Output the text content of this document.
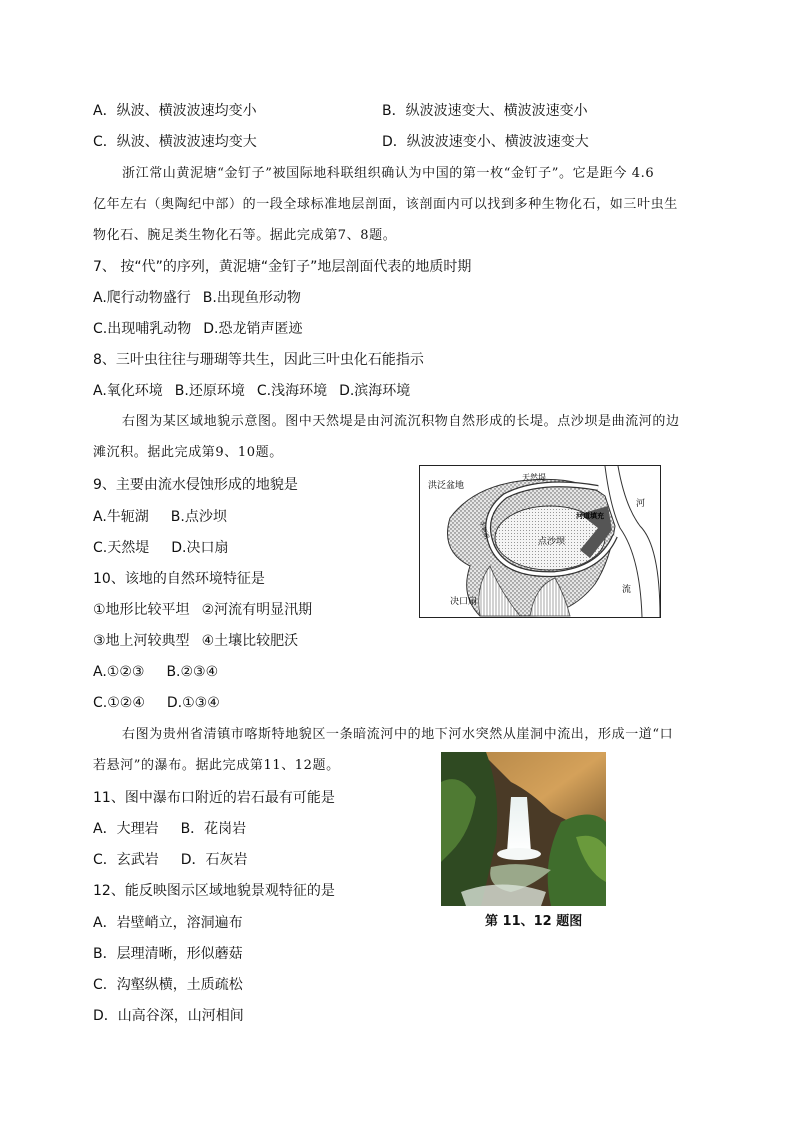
A．纵波、横波波速均变小	B．纵波波速变大、横波波速变小
C．纵波、横波波速均变大	D．纵波波速变小、横波波速变大
浙江常山黄泥塘“金钉子”被国际地科联组织确认为中国的第一枚“金钉子”。它是距今 4.6
亿年左右（奥陶纪中部）的一段全球标准地层剖面，该剖面内可以找到多种生物化石，如三叶虫生
物化石、腕足类生物化石等。据此完成第7、8题。
7、 按“代”的序列，黄泥塘“金钉子”地层剖面代表的地质时期
A.爬行动物盛行 B.出现鱼形动物
C.出现哺乳动物 D.恐龙销声匿迹
8、三叶虫往往与珊瑚等共生，因此三叶虫化石能指示
A.氧化环境 B.还原环境 C.浅海环境 D.滨海环境
右图为某区域地貌示意图。图中天然堤是由河流沉积物自然形成的长堤。点沙坝是曲流河的边
滩沉积。据此完成第9、10题。
9、主要由流水侵蚀形成的地貌是
A.牛轭湖 B.点沙坝
C.天然堤 D.决口扇
10、该地的自然环境特征是
①地形比较平坦 ②河流有明显汛期
③地上河较典型 ④土壤比较肥沃
A.①②③ B.②③④
C.①②④ D.①③④
洪泛盆地
天然堤
河道填充
点沙坝
决口扇
河
流
牛轭湖
右图为贵州省清镇市喀斯特地貌区一条暗流河中的地下河水突然从崖洞中流出，形成一道“口
若悬河”的瀑布。据此完成第11、12题。
11、图中瀑布口附近的岩石最有可能是
A．大理岩 B．花岗岩
C．玄武岩 D．石灰岩
12、能反映图示区域地貌景观特征的是
A．岩壁峭立，溶洞遍布
B．层理清晰，形似蘑菇
C．沟壑纵横，土质疏松
D．山高谷深，山河相间
第 11、12 题图
